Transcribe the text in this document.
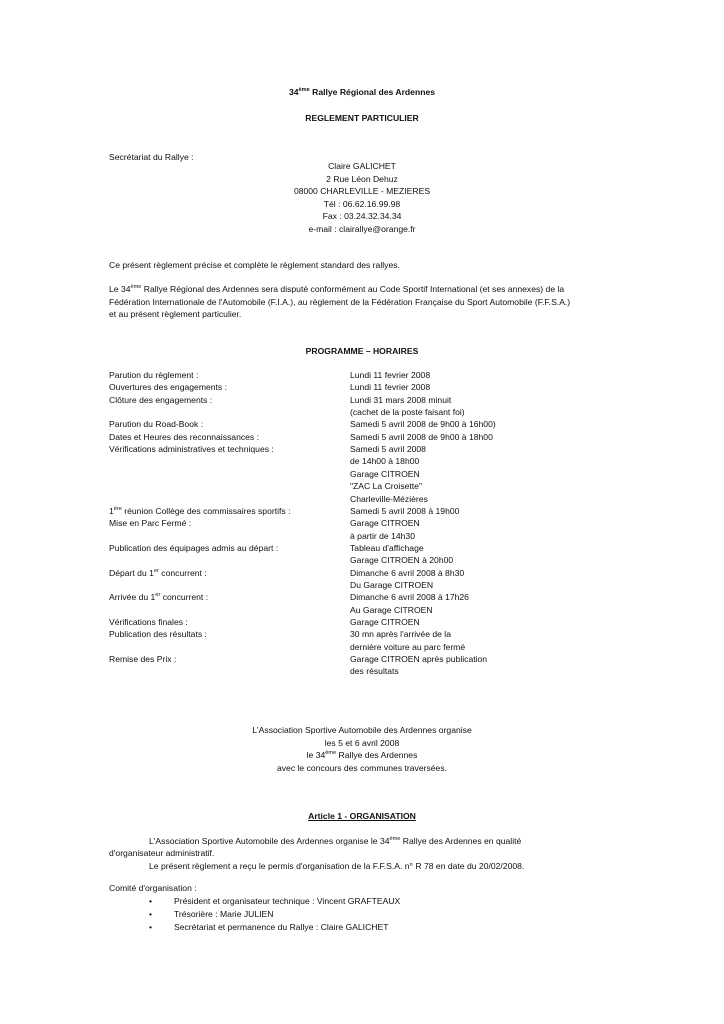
34ème Rallye Régional des Ardennes
REGLEMENT PARTICULIER
Secrétariat du Rallye :
Claire GALICHET
2 Rue Léon Dehuz
08000 CHARLEVILLE - MEZIERES
Tél : 06.62.16.99.98
Fax : 03.24.32.34.34
e-mail : clairallye@orange.fr
Ce présent règlement précise et complète le règlement standard des rallyes.
Le 34ème Rallye Régional des Ardennes sera disputé conformément au Code Sportif International (et ses annexes) de la Fédération Internationale de l'Automobile (F.I.A.), au règlement de la Fédération Française du Sport Automobile (F.F.S.A.) et au présent règlement particulier.
PROGRAMME – HORAIRES
Parution du règlement :	Lundi 11 fevrier 2008
Ouvertures des engagements :	Lundi 11 fevrier 2008
Clôture des engagements :	Lundi 31 mars 2008 minuit
(cachet de la poste faisant foi)
Parution du Road-Book :	Samedi 5 avril 2008 de 9h00 à 16h00)
Dates et Heures des reconnaissances :	Samedi 5 avril 2008 de 9h00 à 18h00
Vérifications administratives et techniques :	Samedi 5 avril 2008
de 14h00 à 18h00
Garage CITROEN
"ZAC La Croisette"
Charleville-Mézières
1ère réunion Collège des commissaires sportifs :	Samedi 5 avril 2008 à 19h00
Mise en Parc Fermé :	Garage CITROEN
à partir de 14h30
Publication des équipages admis au départ :	Tableau d'affichage
Garage CITROEN à 20h00
Départ du 1er concurrent :	Dimanche 6 avril 2008 à 8h30
Du Garage CITROEN
Arrivée du 1er concurrent :	Dimanche 6 avril 2008 à 17h26
Au Garage CITROEN
Vérifications finales :	Garage CITROEN
Publication des résultats :	30 mn après l'arrivée de la
dernière voiture au parc fermé
Remise des Prix :	Garage CITROEN après publication
des résultats
L'Association Sportive Automobile des Ardennes organise
les 5 et 6 avril 2008
le 34ème Rallye des Ardennes
avec le concours des communes traversées.
Article 1 - ORGANISATION
L'Association Sportive Automobile des Ardennes organise le 34ème Rallye des Ardennes en qualité
d'organisateur administratif.
Le présent règlement a reçu le permis d'organisation de la F.F.S.A. n° R 78 en date du 20/02/2008.
Comité d'organisation :
•	Président et organisateur technique : Vincent GRAFTEAUX
•	Trésorière : Marie JULIEN
•	Secrétariat et permanence du Rallye : Claire GALICHET
